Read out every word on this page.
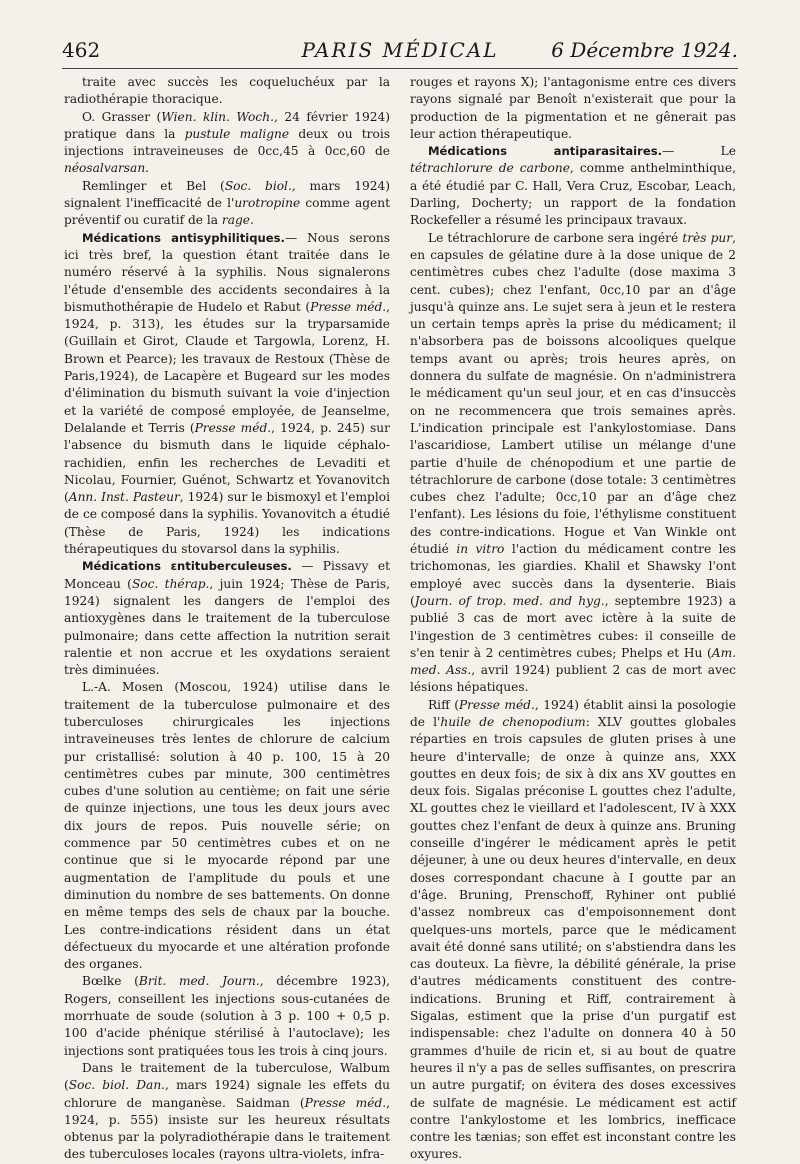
462	PARIS MÉDICAL	6 Décembre 1924.

traite avec succès les coqueluchéux par la radiothérapie thoracique.

O. Grasser (Wien. klin. Woch., 24 février 1924) pratique dans la pustule maligne deux ou trois injections intraveineuses de 0cc,45 à 0cc,60 de néosalvarsan.

Remlinger et Bel (Soc. biol., mars 1924) signalent l'inefficacité de l'urotropine comme agent préventif ou curatif de la rage.

Médications antisyphilitiques.— Nous serons ici très bref, la question étant traitée dans le numéro réservé à la syphilis. Nous signalerons l'étude d'ensemble des accidents secondaires à la bismuthothérapie de Hudelo et Rabut (Presse méd., 1924, p. 313), les études sur la tryparsamide (Guillain et Girot, Claude et Targowla, Lorenz, H. Brown et Pearce); les travaux de Restoux (Thèse de Paris,1924), de Lacapère et Bugeard sur les modes d'élimination du bismuth suivant la voie d'injection et la variété de composé employée, de Jeanselme, Delalande et Terris (Presse méd., 1924, p. 245) sur l'absence du bismuth dans le liquide céphalo-rachidien, enfin les recherches de Levaditi et Nicolau, Fournier, Guénot, Schwartz et Yovanovitch (Ann. Inst. Pasteur, 1924) sur le bismoxyl et l'emploi de ce composé dans la syphilis. Yovanovitch a étudié (Thèse de Paris, 1924) les indications thérapeutiques du stovarsol dans la syphilis.

Médications ɛntituberculeuses. — Pissavy et Monceau (Soc. thérap., juin 1924; Thèse de Paris, 1924) signalent les dangers de l'emploi des antioxygènes dans le traitement de la tuberculose pulmonaire; dans cette affection la nutrition serait ralentie et non accrue et les oxydations seraient très diminuées.

L.-A. Mosen (Moscou, 1924) utilise dans le traitement de la tuberculose pulmonaire et des tuberculoses chirurgicales les injections intraveineuses très lentes de chlorure de calcium pur cristallisé: solution à 40 p. 100, 15 à 20 centimètres cubes par minute, 300 centimètres cubes d'une solution au centième; on fait une série de quinze injections, une tous les deux jours avec dix jours de repos. Puis nouvelle série; on commence par 50 centimètres cubes et on ne continue que si le myocarde répond par une augmentation de l'amplitude du pouls et une diminution du nombre de ses battements. On donne en même temps des sels de chaux par la bouche. Les contre-indications résident dans un état défectueux du myocarde et une altération profonde des organes.

Bœlke (Brit. med. Journ., décembre 1923), Rogers, conseillent les injections sous-cutanées de morrhuate de soude (solution à 3 p. 100 + 0,5 p. 100 d'acide phénique stérilisé à l'autoclave); les injections sont pratiquées tous les trois à cinq jours.

Dans le traitement de la tuberculose, Walbum (Soc. biol. Dan., mars 1924) signale les effets du chlorure de manganèse. Saidman (Presse méd., 1924, p. 555) insiste sur les heureux résultats obtenus par la polyradiothérapie dans le traitement des tuberculoses locales (rayons ultra-violets, infra-

rouges et rayons X); l'antagonisme entre ces divers rayons signalé par Benoît n'existerait que pour la production de la pigmentation et ne gênerait pas leur action thérapeutique.

Médications antiparasitaires.— Le tétrachlorure de carbone, comme anthelminthique, a été étudié par C. Hall, Vera Cruz, Escobar, Leach, Darling, Docherty; un rapport de la fondation Rockefeller a résumé les principaux travaux.

Le tétrachlorure de carbone sera ingéré très pur, en capsules de gélatine dure à la dose unique de 2 centimètres cubes chez l'adulte (dose maxima 3 cent. cubes); chez l'enfant, 0cc,10 par an d'âge jusqu'à quinze ans. Le sujet sera à jeun et le restera un certain temps après la prise du médicament; il n'absorbera pas de boissons alcooliques quelque temps avant ou après; trois heures après, on donnera du sulfate de magnésie. On n'administrera le médicament qu'un seul jour, et en cas d'insuccès on ne recommencera que trois semaines après. L'indication principale est l'ankylostomiase. Dans l'ascaridiose, Lambert utilise un mélange d'une partie d'huile de chénopodium et une partie de tétrachlorure de carbone (dose totale: 3 centimètres cubes chez l'adulte; 0cc,10 par an d'âge chez l'enfant). Les lésions du foie, l'éthylisme constituent des contre-indications. Hogue et Van Winkle ont étudié in vitro l'action du médicament contre les trichomonas, les giardies. Khalil et Shawsky l'ont employé avec succès dans la dysenterie. Biais (Journ. of trop. med. and hyg., septembre 1923) a publié 3 cas de mort avec ictère à la suite de l'ingestion de 3 centimètres cubes: il conseille de s'en tenir à 2 centimètres cubes; Phelps et Hu (Am. med. Ass., avril 1924) publient 2 cas de mort avec lésions hépatiques.

Riff (Presse méd., 1924) établit ainsi la posologie de l'huile de chenopodium: XLV gouttes globales réparties en trois capsules de gluten prises à une heure d'intervalle; de onze à quinze ans, XXX gouttes en deux fois; de six à dix ans XV gouttes en deux fois. Sigalas préconise L gouttes chez l'adulte, XL gouttes chez le vieillard et l'adolescent, IV à XXX gouttes chez l'enfant de deux à quinze ans. Bruning conseille d'ingérer le médicament après le petit déjeuner, à une ou deux heures d'intervalle, en deux doses correspondant chacune à I goutte par an d'âge. Bruning, Prenschoff, Ryhiner ont publié d'assez nombreux cas d'empoisonnement dont quelques-uns mortels, parce que le médicament avait été donné sans utilité; on s'abstiendra dans les cas douteux. La fièvre, la débilité générale, la prise d'autres médicaments constituent des contre-indications. Bruning et Riff, contrairement à Sigalas, estiment que la prise d'un purgatif est indispensable: chez l'adulte on donnera 40 à 50 grammes d'huile de ricin et, si au bout de quatre heures il n'y a pas de selles suffisantes, on prescrira un autre purgatif; on évitera des doses excessives de sulfate de magnésie. Le médicament est actif contre l'ankylostome et les lombrics, inefficace contre les tænias; son effet est inconstant contre les oxyures.
